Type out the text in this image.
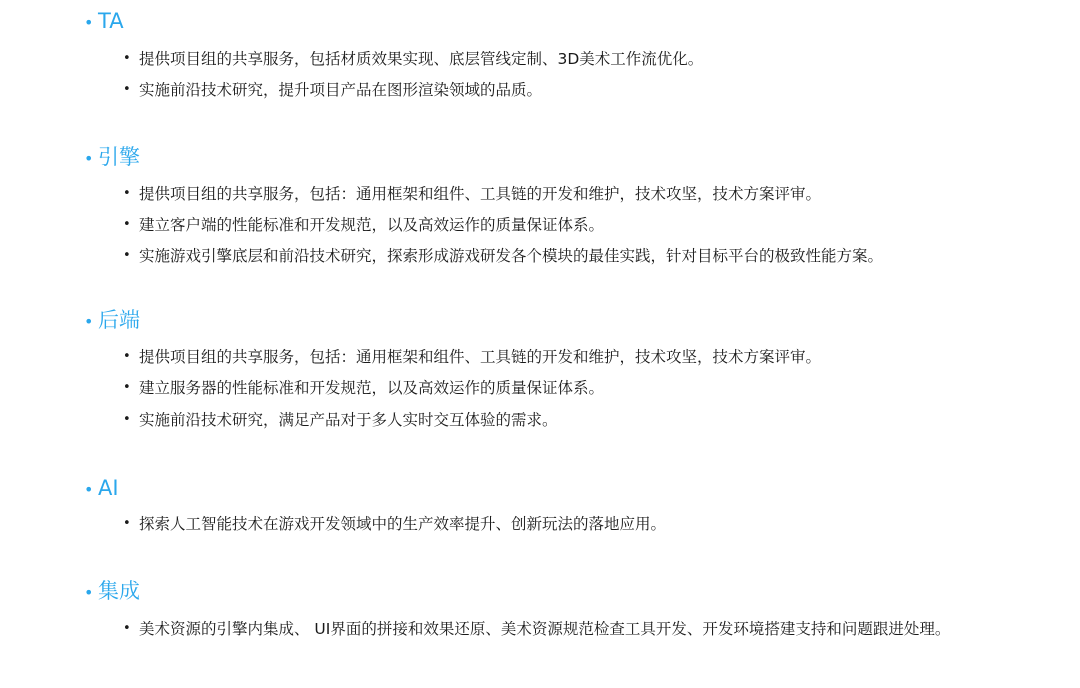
• TA
• 提供项目组的共享服务，包括材质效果实现、底层管线定制、3D美术工作流优化。
• 实施前沿技术研究，提升项目产品在图形渲染领域的品质。
• 引擎
• 提供项目组的共享服务，包括：通用框架和组件、工具链的开发和维护，技术攻坚，技术方案评审。
• 建立客户端的性能标准和开发规范，以及高效运作的质量保证体系。
• 实施游戏引擎底层和前沿技术研究，探索形成游戏研发各个模块的最佳实践，针对目标平台的极致性能方案。
• 后端
• 提供项目组的共享服务，包括：通用框架和组件、工具链的开发和维护，技术攻坚，技术方案评审。
• 建立服务器的性能标准和开发规范，以及高效运作的质量保证体系。
• 实施前沿技术研究，满足产品对于多人实时交互体验的需求。
• AI
• 探索人工智能技术在游戏开发领域中的生产效率提升、创新玩法的落地应用。
• 集成
• 美术资源的引擎内集成、 UI界面的拼接和效果还原、美术资源规范检查工具开发、开发环境搭建支持和问题跟进处理。
